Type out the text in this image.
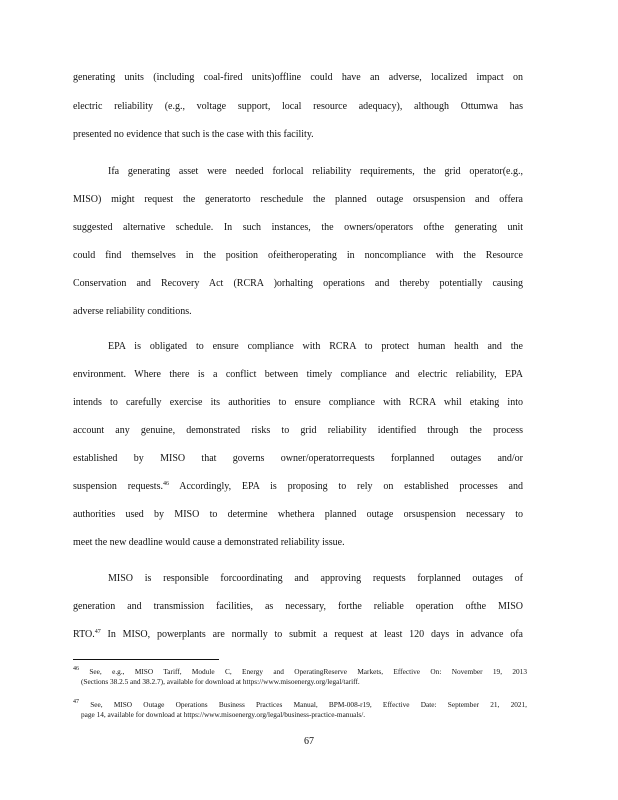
generating units (including coal-fired units)offline could have an adverse, localized impact on
electric reliability (e.g., voltage support, local resource adequacy), although Ottumwa has
presented no evidence that such is the case with this facility.
Ifa generating asset were needed forlocal reliability requirements, the grid operator(e.g.,
MISO) might request the generatorto reschedule the planned outage orsuspension and offera
suggested alternative schedule. In such instances, the owners/operators ofthe generating unit
could find themselves in the position ofeitheroperating in noncompliance with the Resource
Conservation and Recovery Act (RCRA )orhalting operations and thereby potentially causing
adverse reliability conditions.
EPA is obligated to ensure compliance with RCRA to protect human health and the
environment. Where there is a conflict between timely compliance and electric reliability, EPA
intends to carefully exercise its authorities to ensure compliance with RCRA whil etaking into
account any genuine, demonstrated risks to grid reliability identified through the process
established by MISO that governs owner/operatorrequests forplanned outages and/or
suspension requests.$^{46}$ Accordingly, EPA is proposing to rely on established processes and
authorities used by MISO to determine whethera planned outage orsuspension necessary to
meet the new deadline would cause a demonstrated reliability issue.
MISO is responsible forcoordinating and approving requests forplanned outages of
generation and transmission facilities, as necessary, forthe reliable operation ofthe MISO
RTO.$^{47}$ In MISO, powerplants are normally to submit a request at least 120 days in advance ofa
$^{46}$ See, e.g., MISO Tariff, Module C, Energy and OperatingReserve Markets, Effective On: November 19, 2013
(Sections 38.2.5 and 38.2.7), available for download at https://www.misoenergy.org/legal/tariff.
$^{47}$ See, MISO Outage Operations Business Practices Manual, BPM-008-r19, Effective Date: September 21, 2021,
page 14, available for download at https://www.misoenergy.org/legal/business-practice-manuals/.
67
